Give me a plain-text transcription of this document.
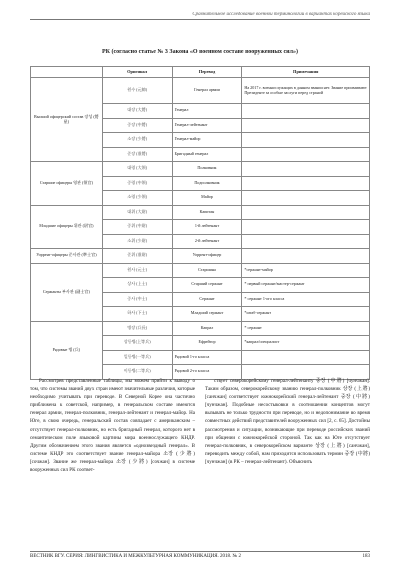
Сравнительное исследование военной терминологии в вариантах корейского языка
РК (согласно статье № 3 Закона «О военном составе вооруженных сил»)
	Оригинал	Перевод	Примечания
Высший офицерский состав 장성 (將星)	원수 (元帥)	Генерал армии	На 2017 г. военнослужащих в данном звании нет. Звание присваивают Президенте за особые заслуги перед страной
	대장 (大將)	Генерал	
	중장 (中將)	Генерал-лейтенант	
	소장 (少將)	Генерал-майор	
	준장 (准將)	Бригадный генерал	
Старшие офицеры 영관 (領官)	대령 (大領)	Полковник	
	중령 (中領)	Подполковник	
	소령 (少領)	Майор	
Младшие офицеры 위관 (尉官)	대위 (大尉)	Капитан	
	중위 (中尉)	1-й лейтенант	
	소위 (少尉)	2-й лейтенант	
Уоррент-офицеры 준사관 (準士官)	준위 (准尉)	Уоррент-офицер	
Сержанты 부사관 (副士官)	원사 (元士)	Старшина	*сержант-майор
	상사 (上士)	Старший сержант	* первый сержант/мастер-сержант
	중사 (中士)	Сержант	* сержант 1-ого класса
	하사 (下士)	Младший сержант	*штаб-сержант
Рядовые 병 (兵)	병장 (兵長)	Капрал	* сержант
	상등병(上等兵)	Ефрейтор	*капрал/специалист
	일등병(一等兵)	Рядовой 1-го класса	
	이등병(二等兵)	Рядовой 2-го класса	

Рассмотрев представленные таблицы, мы можем прийти к выводу о том, что системы званий двух стран имеют значительные различия, которые необходимо учитывать при переводе. В Северной Корее она частично приближена к советской, например, в генеральском составе имеются генерал армии, генерал-полковник, генерал-лейтенант и генерал-майор. На Юге, в свою очередь, генеральский состав совпадает с американским – отсутствует генерал-полковник, но есть бригадный генерал, которого нет в семантическом поле языковой картины мира военнослужащего КНДР. Другим обозначением этого звания является «однозвездный генерал». В системе КНДР это соответствует звание генерал-майора 소장 (少將) [сочжан]. Звание же генерал-майора 소장 (少將) [сочжан] в системе вооруженных сил РК соответ-

ствует северокорейскому генерал-лейтенанту 중장 (中將) [чунчжан]. Таким образом, северокорейскому званию генерал-полковник 상장 (上將) [санчжан] соответствует южнокорейский генерал-лейтенант 중장 (中將) [чунчжан]. Подобные несостыковки в соотношении концептов могут вызывать не только трудности при переводе, но и недопонимание во время совместных действий представителей вооруженных сил [2, с. 65]. Достойны рассмотрения и ситуации, возникающие при переводе российских званий при общении с южнокорейской стороной. Так как на Юге отсутствует генерал-полковник, в северокорейском варианте 상장 (上將) [санчжан], переводить между собой, нам приходится использовать термин 중장 (中將) [чунчжан] (в РК – генерал-лейтенант). Объяснить

ВЕСТНИК ВГУ. СЕРИЯ: ЛИНГВИСТИКА И МЕЖКУЛЬТУРНАЯ КОММУНИКАЦИЯ. 2018. № 2	183
